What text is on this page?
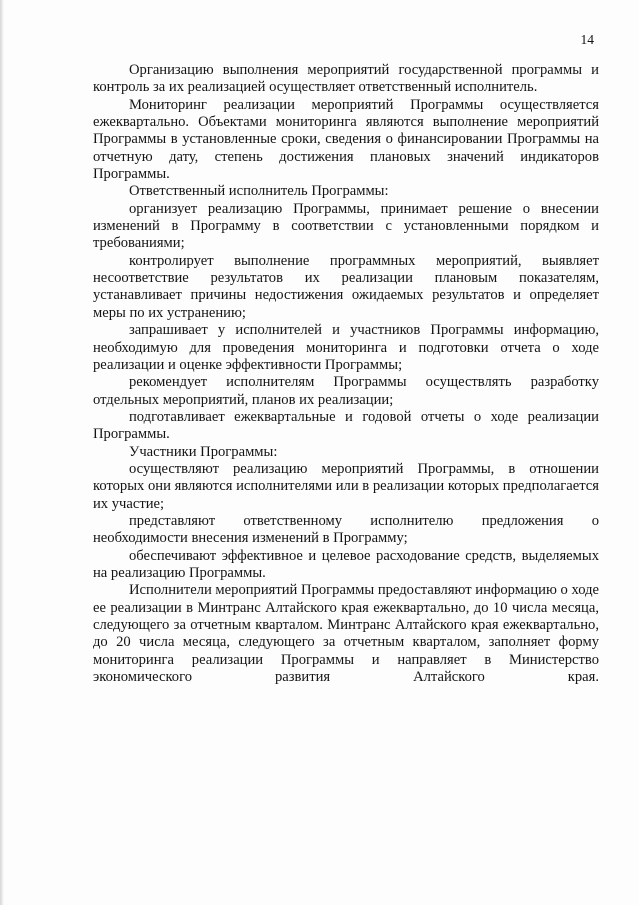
14

Организацию выполнения мероприятий государственной программы и контроль за их реализацией осуществляет ответственный исполнитель.

Мониторинг реализации мероприятий Программы осуществляется ежеквартально. Объектами мониторинга являются выполнение мероприятий Программы в установленные сроки, сведения о финансировании Программы на отчетную дату, степень достижения плановых значений индикаторов Программы.

Ответственный исполнитель Программы:

организует реализацию Программы, принимает решение о внесении изменений в Программу в соответствии с установленными порядком и требованиями;

контролирует выполнение программных мероприятий, выявляет несоответствие результатов их реализации плановым показателям, устанавливает причины недостижения ожидаемых результатов и определяет меры по их устранению;

запрашивает у исполнителей и участников Программы информацию, необходимую для проведения мониторинга и подготовки отчета о ходе реализации и оценке эффективности Программы;

рекомендует исполнителям Программы осуществлять разработку отдельных мероприятий, планов их реализации;

подготавливает ежеквартальные и годовой отчеты о ходе реализации Программы.

Участники Программы:

осуществляют реализацию мероприятий Программы, в отношении которых они являются исполнителями или в реализации которых предполагается их участие;

представляют ответственному исполнителю предложения о необходимости внесения изменений в Программу;

обеспечивают эффективное и целевое расходование средств, выделяемых на реализацию Программы.

Исполнители мероприятий Программы предоставляют информацию о ходе ее реализации в Минтранс Алтайского края ежеквартально, до 10 числа месяца, следующего за отчетным кварталом. Минтранс Алтайского края ежеквартально, до 20 числа месяца, следующего за отчетным кварталом, заполняет форму мониторинга реализации Программы и направляет в Министерство экономического развития Алтайского края.
